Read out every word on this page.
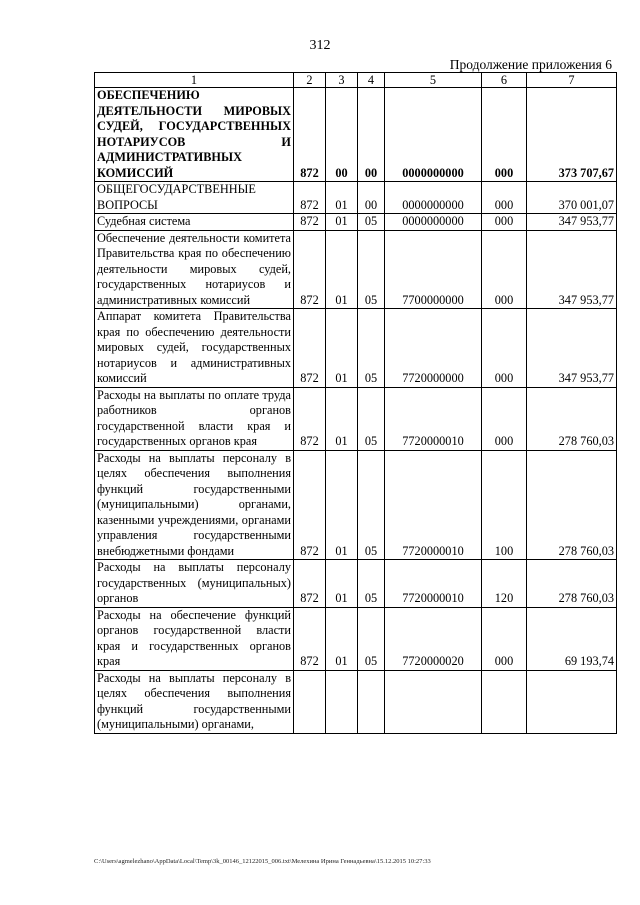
312
Продолжение приложения 6
1	2	3	4	5	6	7
ОБЕСПЕЧЕНИЮ ДЕЯТЕЛЬНОСТИ МИРОВЫХ СУДЕЙ, ГОСУДАРСТВЕННЫХ НОТАРИУСОВ И АДМИНИСТРАТИВНЫХ КОМИССИЙ	872	00	00	0000000000	000	373 707,67
ОБЩЕГОСУДАРСТВЕННЫЕ ВОПРОСЫ	872	01	00	0000000000	000	370 001,07
Судебная система	872	01	05	0000000000	000	347 953,77
Обеспечение деятельности комитета Правительства края по обеспечению деятельности мировых судей, государственных нотариусов и административных комиссий	872	01	05	7700000000	000	347 953,77
Аппарат комитета Правительства края по обеспечению деятельности мировых судей, государственных нотариусов и административных комиссий	872	01	05	7720000000	000	347 953,77
Расходы на выплаты по оплате труда работников органов государственной власти края и государственных органов края	872	01	05	7720000010	000	278 760,03
Расходы на выплаты персоналу в целях обеспечения выполнения функций государственными (муниципальными) органами, казенными учреждениями, органами управления государственными внебюджетными фондами	872	01	05	7720000010	100	278 760,03
Расходы на выплаты персоналу государственных (муниципальных) органов	872	01	05	7720000010	120	278 760,03
Расходы на обеспечение функций органов государственной власти края и государственных органов края	872	01	05	7720000020	000	69 193,74
Расходы на выплаты персоналу в целях обеспечения выполнения функций государственными (муниципальными) органами,						
C:\Users\agmelezhano\AppData\Local\Temp\3k_00146_12122015_006.txt\Мелехина Ирина Геннадьевна\15.12.2015 10:27:33
